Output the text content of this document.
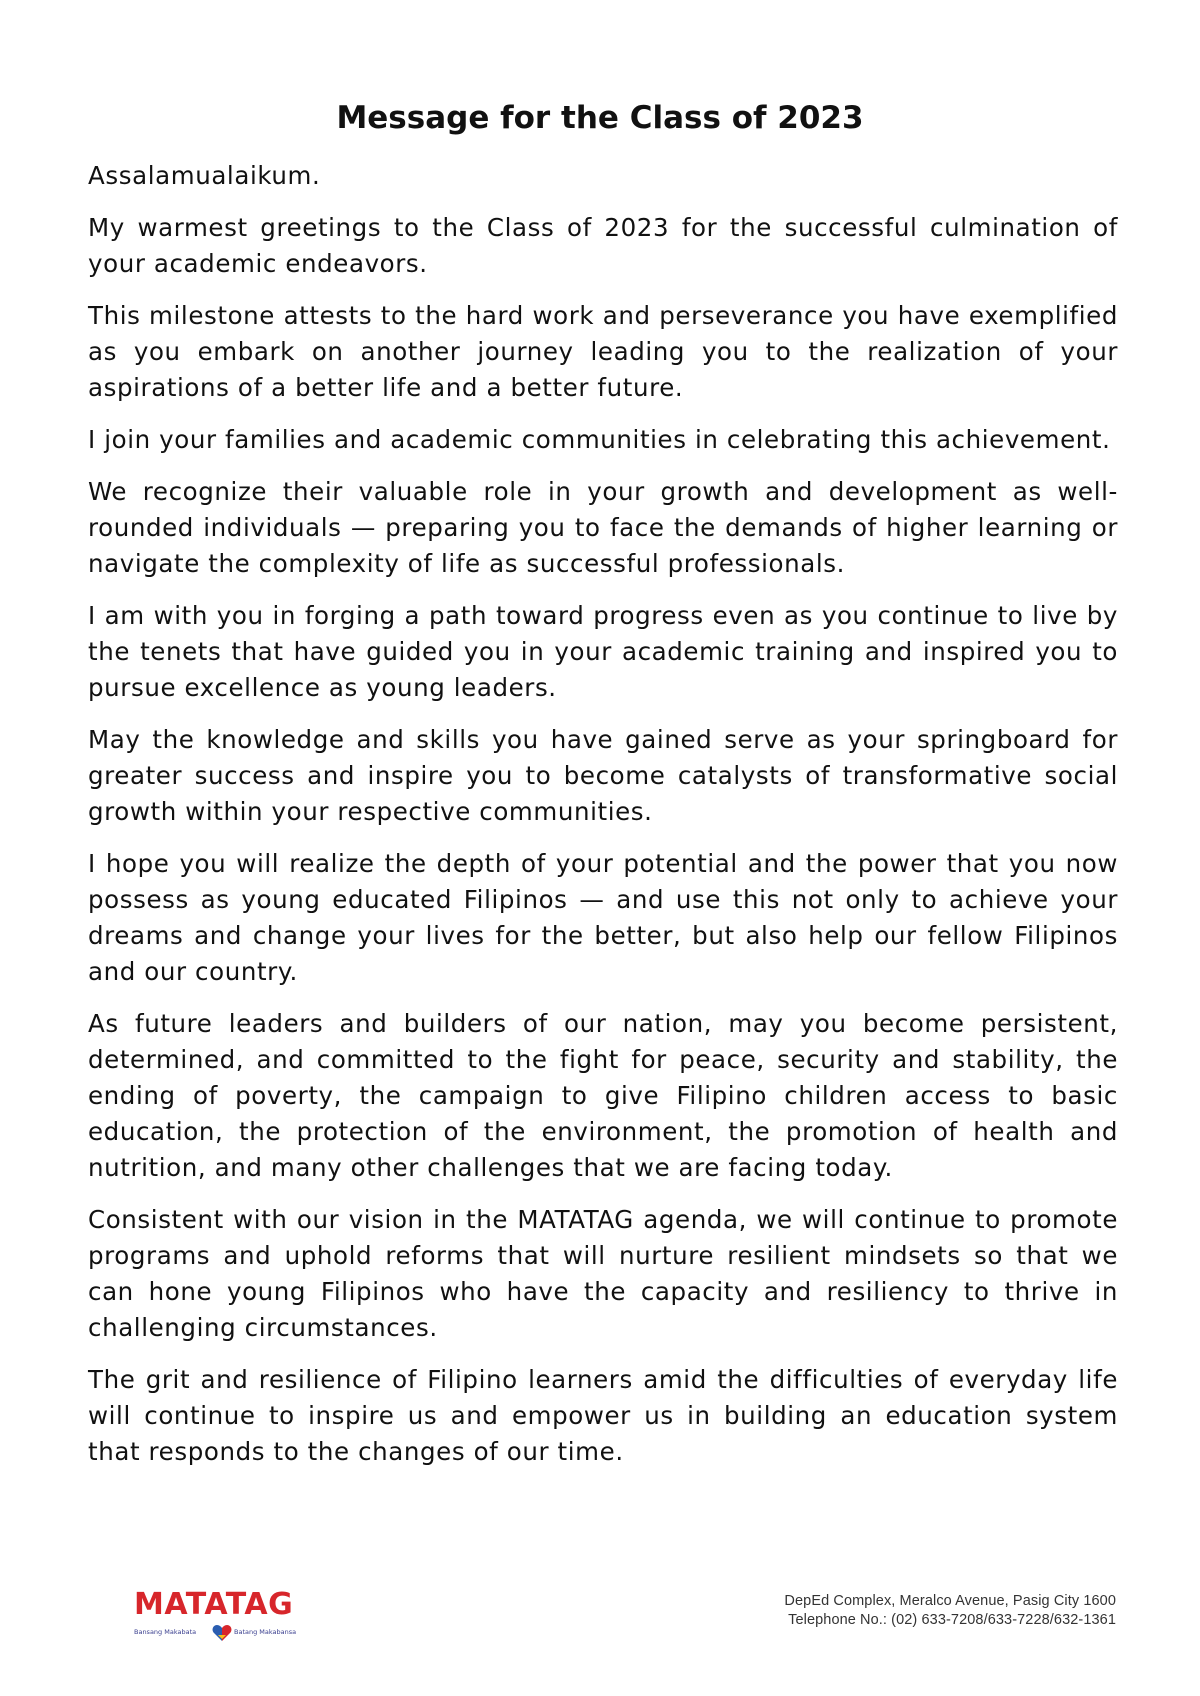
Message for the Class of 2023

Assalamualaikum.

My warmest greetings to the Class of 2023 for the successful culmination of your academic endeavors.

This milestone attests to the hard work and perseverance you have exemplified as you embark on another journey leading you to the realization of your aspirations of a better life and a better future.

I join your families and academic communities in celebrating this achievement.

We recognize their valuable role in your growth and development as well-rounded individuals — preparing you to face the demands of higher learning or navigate the complexity of life as successful professionals.

I am with you in forging a path toward progress even as you continue to live by the tenets that have guided you in your academic training and inspired you to pursue excellence as young leaders.

May the knowledge and skills you have gained serve as your springboard for greater success and inspire you to become catalysts of transformative social growth within your respective communities.

I hope you will realize the depth of your potential and the power that you now possess as young educated Filipinos — and use this not only to achieve your dreams and change your lives for the better, but also help our fellow Filipinos and our country.

As future leaders and builders of our nation, may you become persistent, determined, and committed to the fight for peace, security and stability, the ending of poverty, the campaign to give Filipino children access to basic education, the protection of the environment, the promotion of health and nutrition, and many other challenges that we are facing today.

Consistent with our vision in the MATATAG agenda, we will continue to promote programs and uphold reforms that will nurture resilient mindsets so that we can hone young Filipinos who have the capacity and resiliency to thrive in challenging circumstances.

The grit and resilience of Filipino learners amid the difficulties of everyday life will continue to inspire us and empower us in building an education system that responds to the changes of our time.

MATATAG
Bansang Makabata	Batang Makabansa
DepEd Complex, Meralco Avenue, Pasig City 1600
Telephone No.: (02) 633-7208/633-7228/632-1361
